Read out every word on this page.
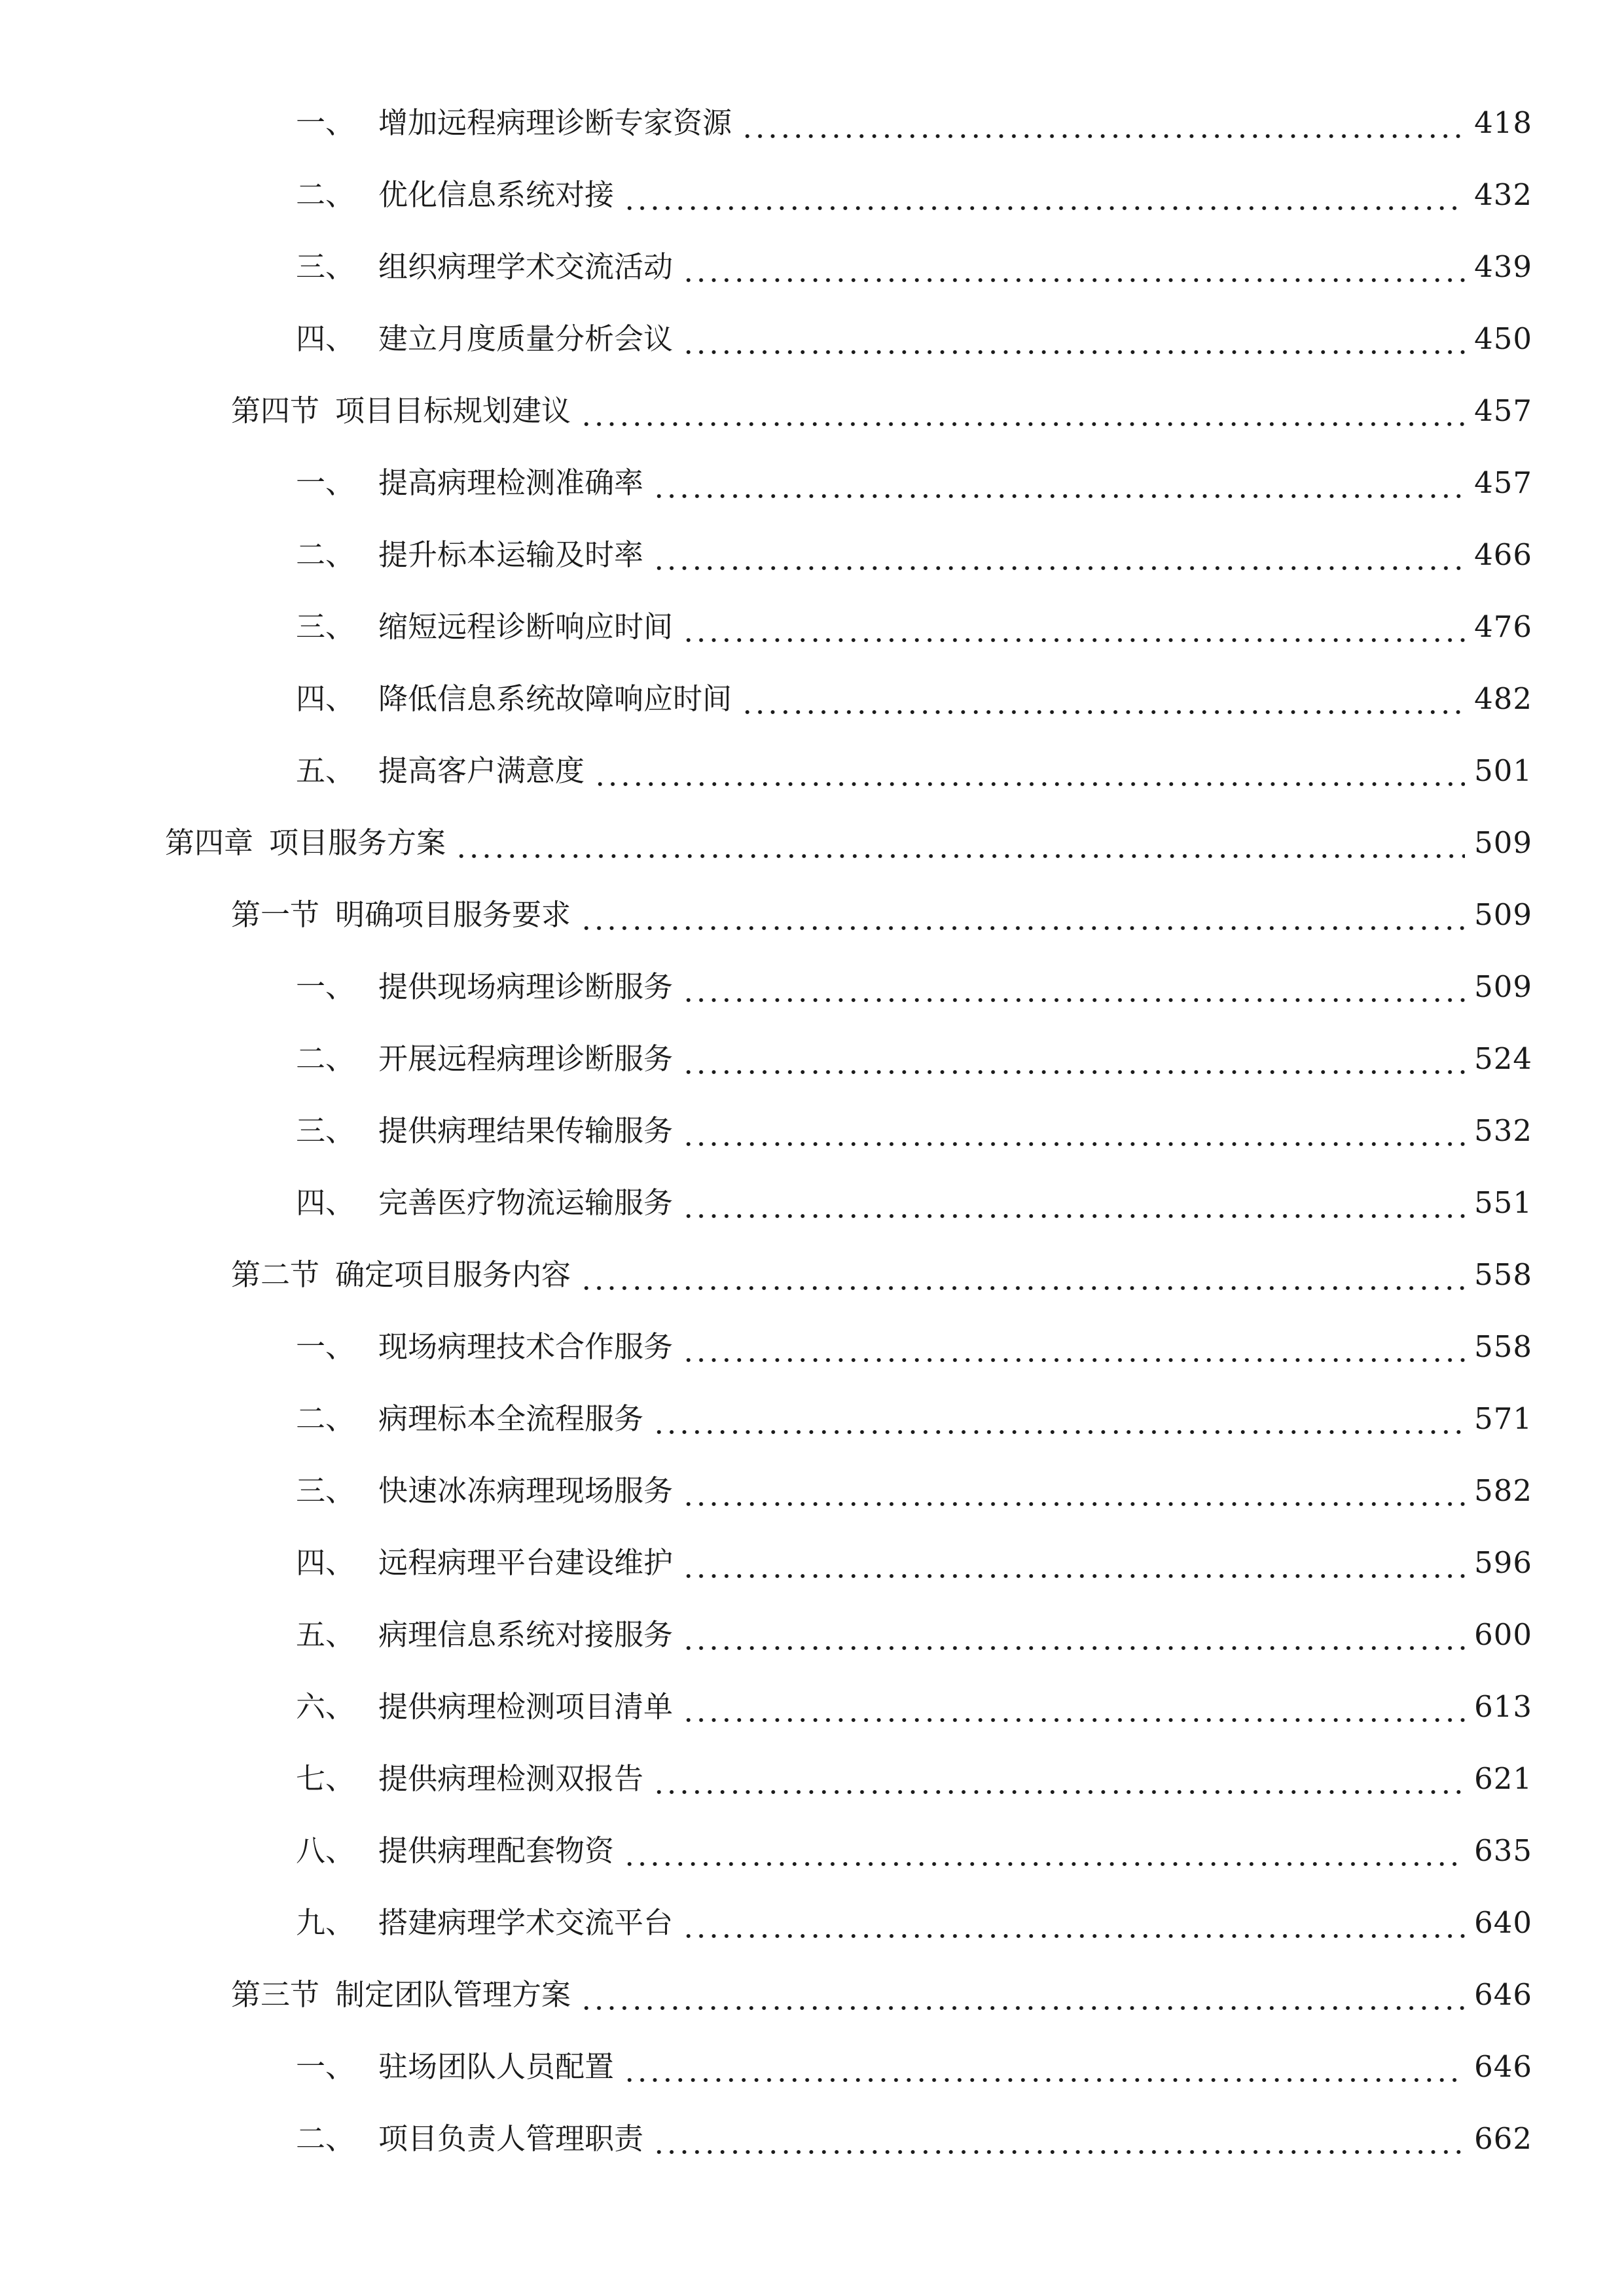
一、 增加远程病理诊断专家资源	418
二、 优化信息系统对接	432
三、 组织病理学术交流活动	439
四、 建立月度质量分析会议	450
第四节 项目目标规划建议	457
一、 提高病理检测准确率	457
二、 提升标本运输及时率	466
三、 缩短远程诊断响应时间	476
四、 降低信息系统故障响应时间	482
五、 提高客户满意度	501
第四章 项目服务方案	509
第一节 明确项目服务要求	509
一、 提供现场病理诊断服务	509
二、 开展远程病理诊断服务	524
三、 提供病理结果传输服务	532
四、 完善医疗物流运输服务	551
第二节 确定项目服务内容	558
一、 现场病理技术合作服务	558
二、 病理标本全流程服务	571
三、 快速冰冻病理现场服务	582
四、 远程病理平台建设维护	596
五、 病理信息系统对接服务	600
六、 提供病理检测项目清单	613
七、 提供病理检测双报告	621
八、 提供病理配套物资	635
九、 搭建病理学术交流平台	640
第三节 制定团队管理方案	646
一、 驻场团队人员配置	646
二、 项目负责人管理职责	662
